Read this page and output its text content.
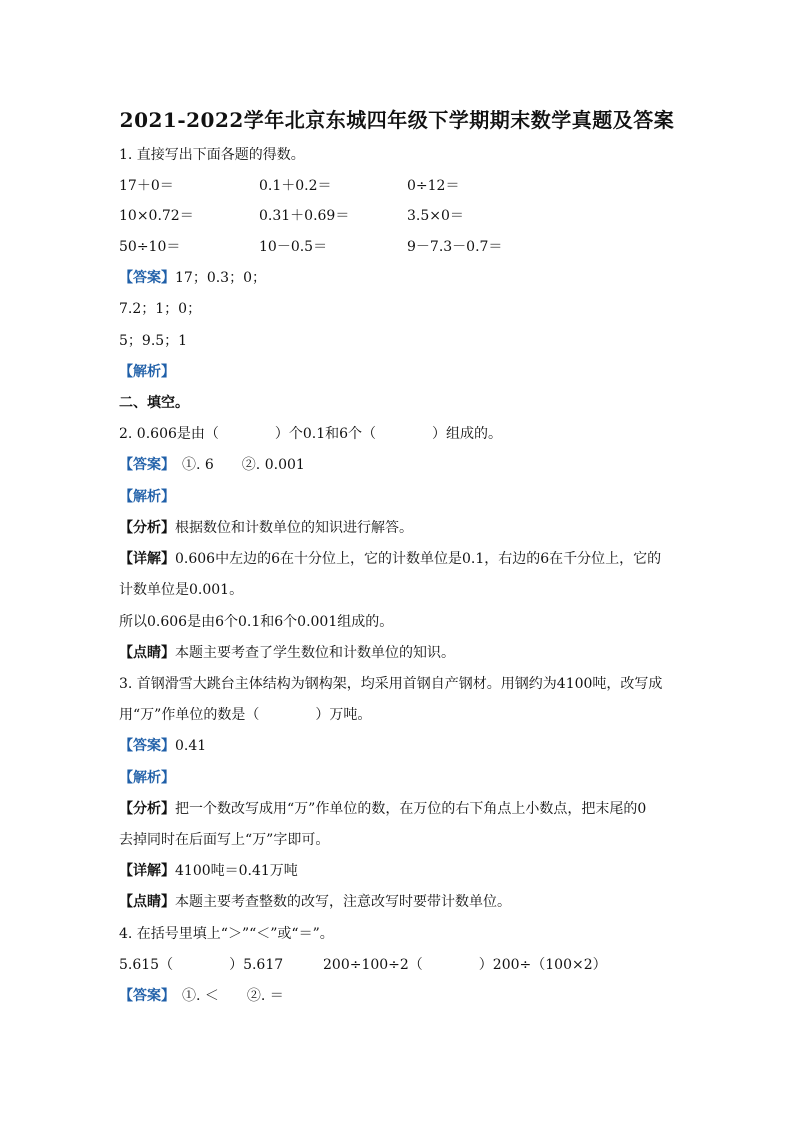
2021-2022学年北京东城四年级下学期期末数学真题及答案
1. 直接写出下面各题的得数。
17＋0＝	0.1＋0.2＝	0÷12＝
10×0.72＝	0.31＋0.69＝	3.5×0＝
50÷10＝	10－0.5＝	9－7.3－0.7＝
【答案】17；0.3；0；
7.2；1；0；
5；9.5；1
【解析】
二、填空。
2. 0.606是由（　　　　）个0.1和6个（　　　　）组成的。
【答案】　①. 6　　②. 0.001
【解析】
【分析】根据数位和计数单位的知识进行解答。
【详解】0.606中左边的6在十分位上，它的计数单位是0.1，右边的6在千分位上，它的
计数单位是0.001。
所以0.606是由6个0.1和6个0.001组成的。
【点睛】本题主要考查了学生数位和计数单位的知识。
3. 首钢滑雪大跳台主体结构为钢构架，均采用首钢自产钢材。用钢约为4100吨，改写成
用“万”作单位的数是（　　　　）万吨。
【答案】0.41
【解析】
【分析】把一个数改写成用“万”作单位的数，在万位的右下角点上小数点，把末尾的0
去掉同时在后面写上“万”字即可。
【详解】4100吨＝0.41万吨
【点睛】本题主要考查整数的改写，注意改写时要带计数单位。
4. 在括号里填上“＞”“＜”或“＝”。
5.615（　　　　）5.617	200÷100÷2（　　　　）200÷（100×2）
【答案】　①. ＜　　②. ＝
